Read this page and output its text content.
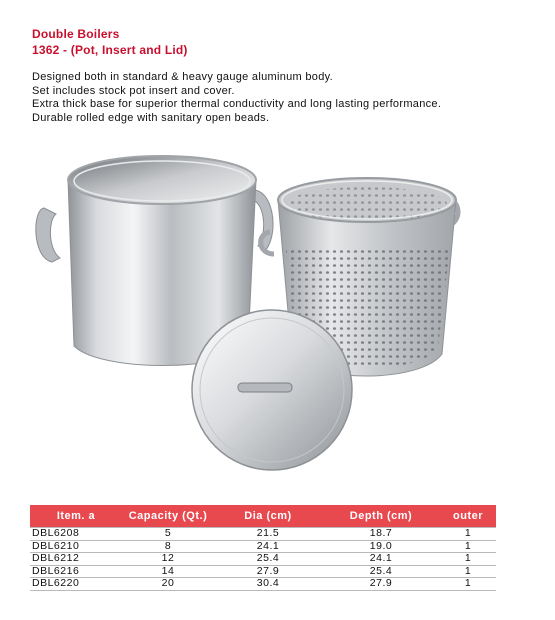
Double Boilers
1362 - (Pot, Insert and Lid)
Designed both in standard & heavy gauge aluminum body.
Set includes stock pot insert and cover.
Extra thick base for superior thermal conductivity and long lasting performance.
Durable rolled edge with sanitary open beads.
Item. a	Capacity (Qt.)	Dia (cm)	Depth (cm)	outer
DBL6208	5	21.5	18.7	1
DBL6210	8	24.1	19.0	1
DBL6212	12	25.4	24.1	1
DBL6216	14	27.9	25.4	1
DBL6220	20	30.4	27.9	1
